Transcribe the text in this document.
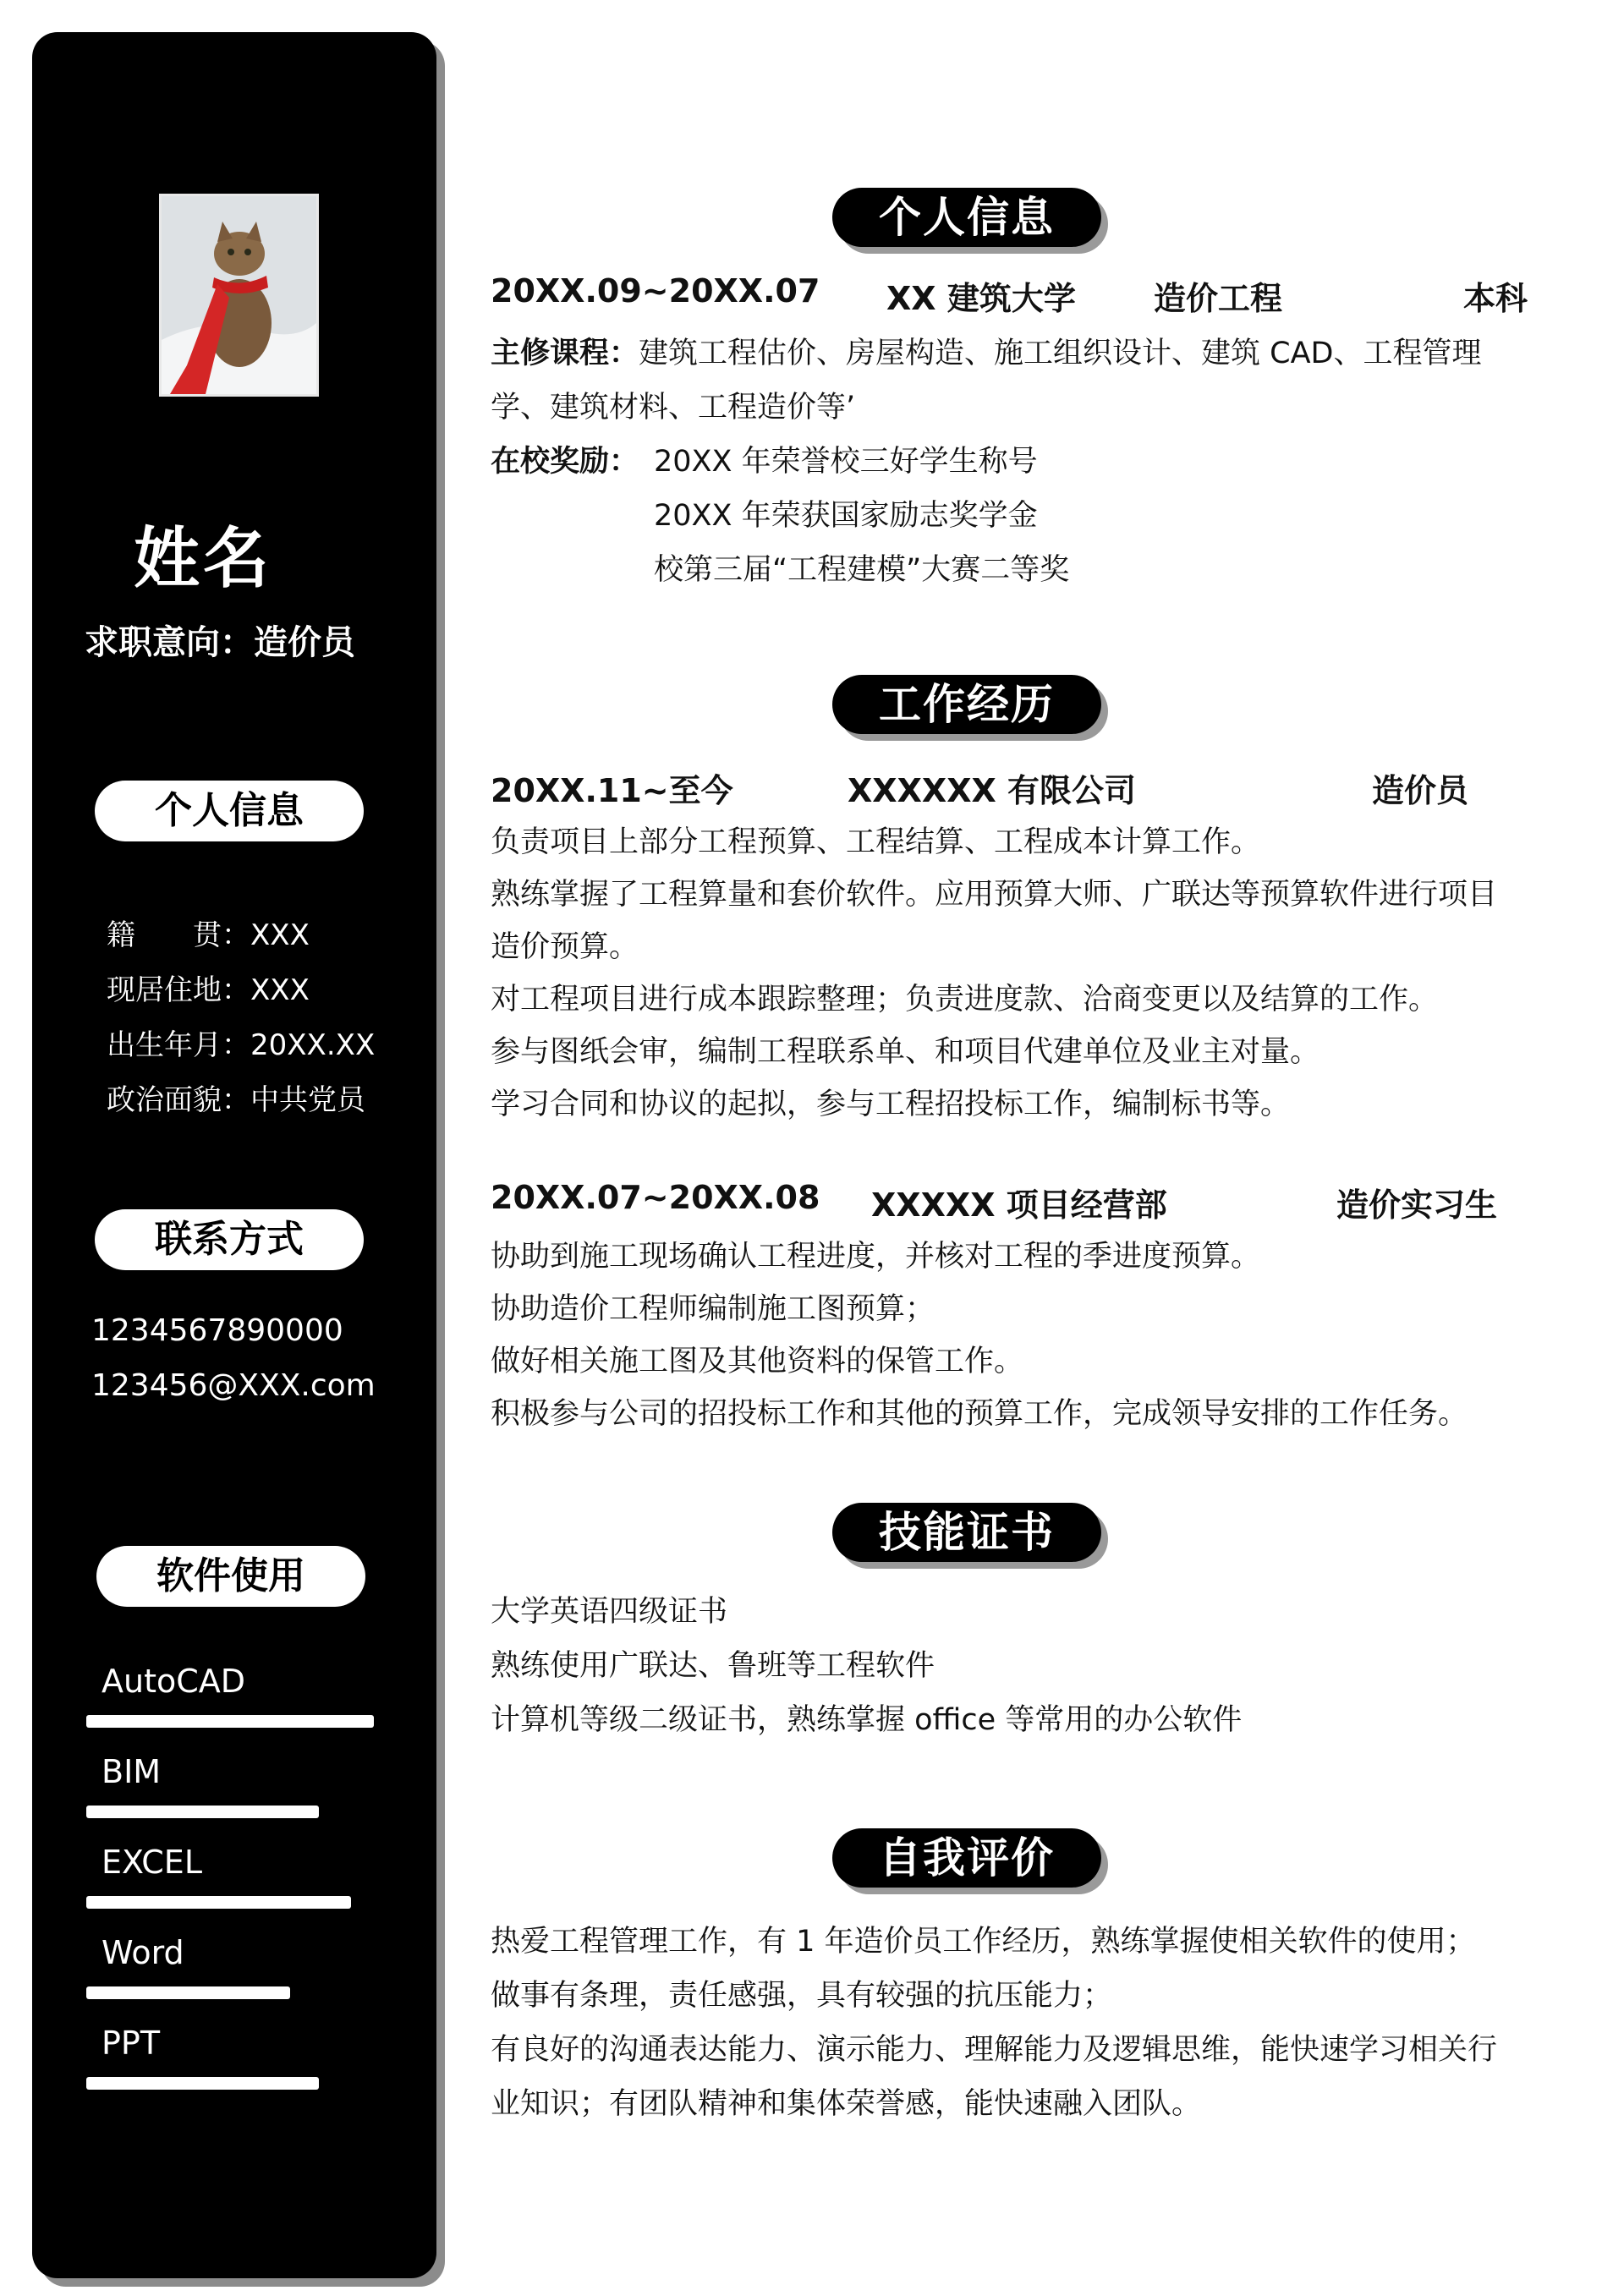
姓名
求职意向：造价员
个人信息
籍　　贯：XXX
现居住地：XXX
出生年月：20XX.XX
政治面貌：中共党员
联系方式
1234567890000
123456@XXX.com
软件使用
AutoCAD
BIM
EXCEL
Word
PPT
个人信息
20XX.09~20XX.07 XX 建筑大学 造价工程	本科
主修课程：建筑工程估价、房屋构造、施工组织设计、建筑 CAD、工程管理
学、建筑材料、工程造价等’
在校奖励： 20XX 年荣誉校三好学生称号
20XX 年荣获国家励志奖学金
校第三届“工程建模”大赛二等奖
工作经历
20XX.11~至今	XXXXXX 有限公司	造价员
负责项目上部分工程预算、工程结算、工程成本计算工作。
熟练掌握了工程算量和套价软件。应用预算大师、广联达等预算软件进行项目
造价预算。
对工程项目进行成本跟踪整理；负责进度款、洽商变更以及结算的工作。
参与图纸会审，编制工程联系单、和项目代建单位及业主对量。
学习合同和协议的起拟，参与工程招投标工作，编制标书等。
20XX.07~20XX.08 XXXXX 项目经营部	造价实习生
协助到施工现场确认工程进度，并核对工程的季进度预算。
协助造价工程师编制施工图预算；
做好相关施工图及其他资料的保管工作。
积极参与公司的招投标工作和其他的预算工作，完成领导安排的工作任务。
技能证书
大学英语四级证书
熟练使用广联达、鲁班等工程软件
计算机等级二级证书，熟练掌握 office 等常用的办公软件
自我评价
热爱工程管理工作，有 1 年造价员工作经历，熟练掌握使相关软件的使用；
做事有条理，责任感强，具有较强的抗压能力；
有良好的沟通表达能力、演示能力、理解能力及逻辑思维，能快速学习相关行
业知识；有团队精神和集体荣誉感，能快速融入团队。
